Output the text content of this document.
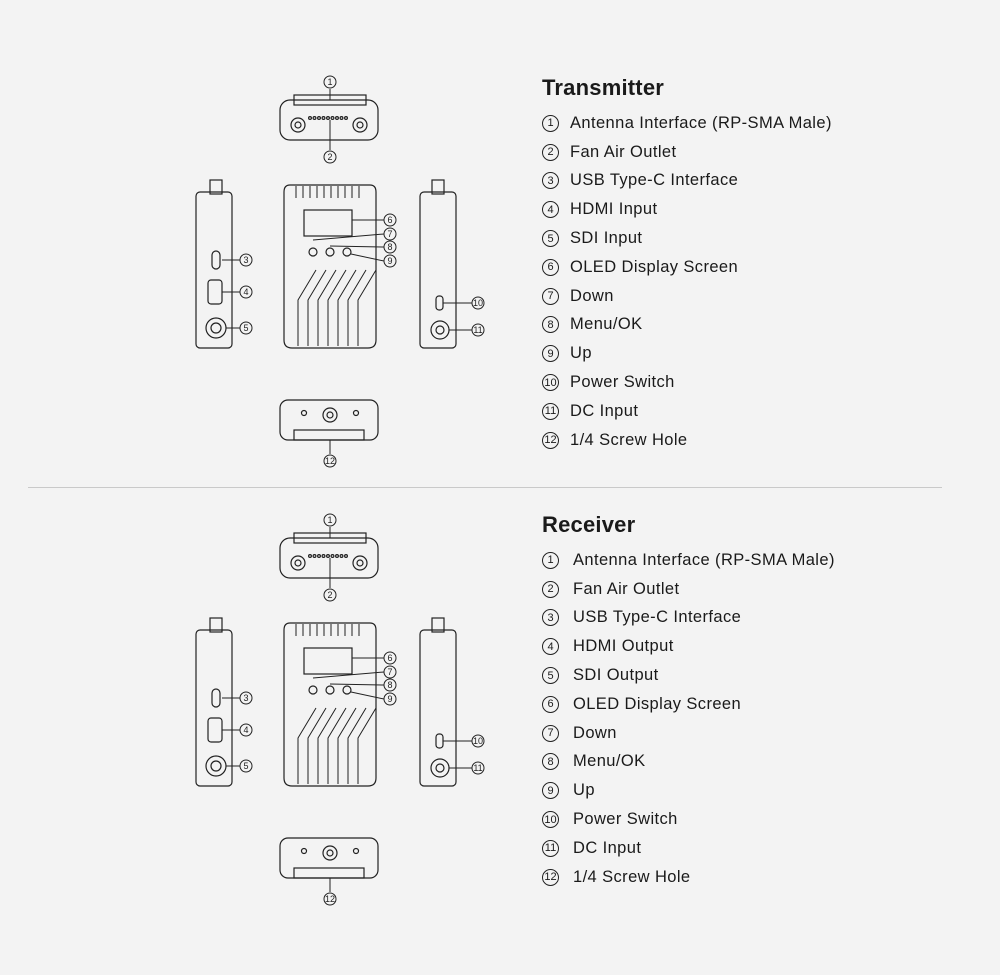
1
2
3
4
5
6
7
8
9
10
11
12
Transmitter
1 Antenna Interface (RP-SMA Male)
2 Fan Air Outlet
3 USB Type-C Interface
4 HDMI Input
5 SDI Input
6 OLED Display Screen
7 Down
8 Menu/OK
9 Up
10 Power Switch
11 DC Input
12 1/4 Screw Hole
1
2
3
4
5
6
7
8
9
10
11
12
Receiver
1	Antenna Interface (RP-SMA Male)
2	Fan Air Outlet
3	USB Type-C Interface
4	HDMI Output
5	SDI Output
6	OLED Display Screen
7	Down
8	Menu/OK
9	Up
10 Power Switch
11 DC Input
12 1/4 Screw Hole
